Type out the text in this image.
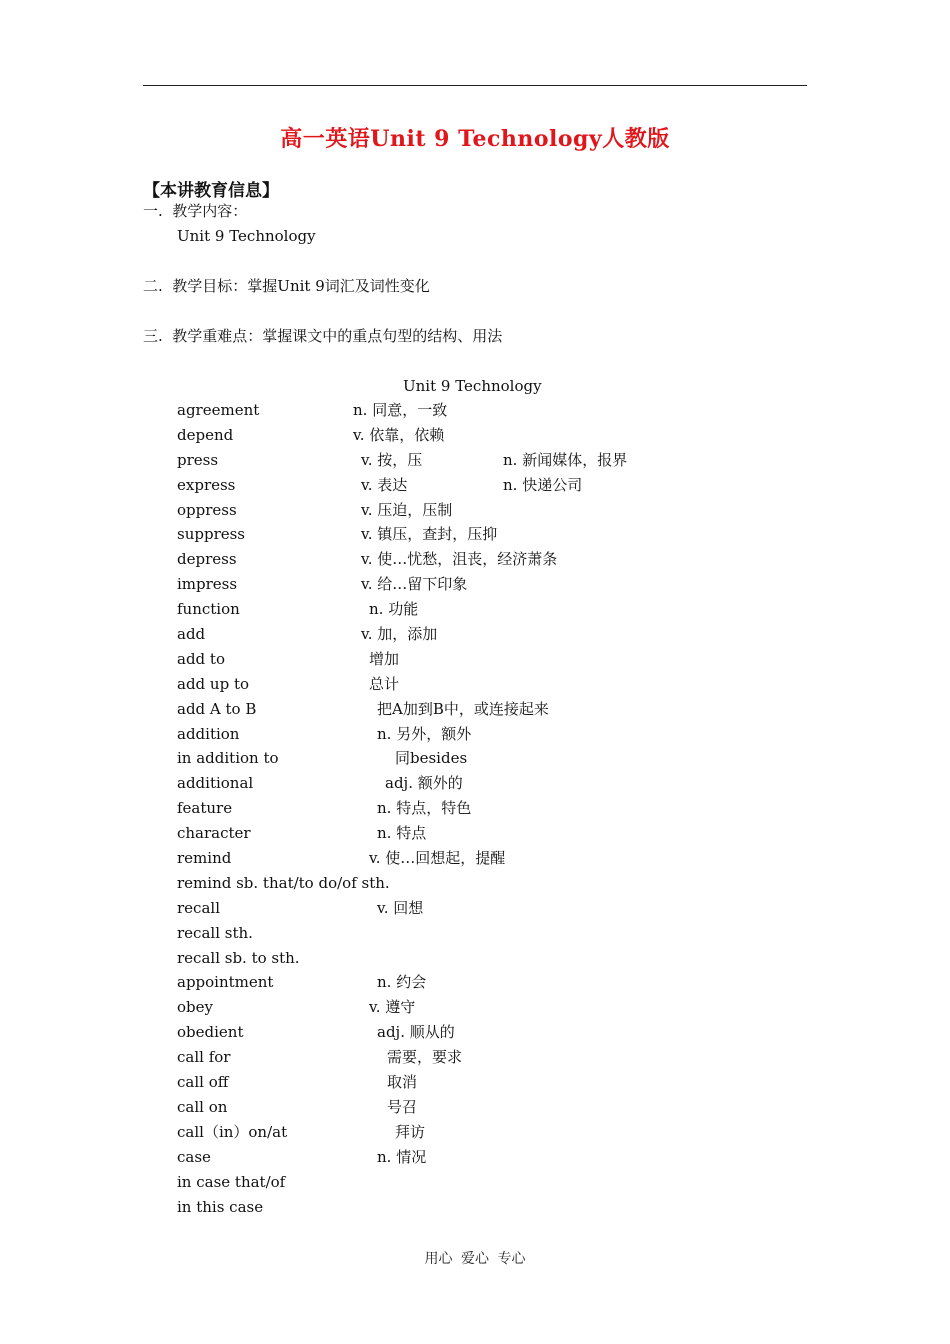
高一英语Unit 9 Technology人教版
【本讲教育信息】
一.  教学内容：
Unit 9 Technology
二.  教学目标：掌握Unit 9词汇及词性变化
三.  教学重难点：掌握课文中的重点句型的结构、用法
Unit 9 Technology
agreement	n. 同意，一致
depend	v. 依靠，依赖
press	v. 按，压	n. 新闻媒体，报界
express	v. 表达	n. 快递公司
oppress	v. 压迫，压制
suppress	v. 镇压，查封，压抑
depress	v. 使…忧愁，沮丧，经济萧条
impress	v. 给…留下印象
function	n. 功能
add	v. 加，添加
add to	增加
add up to	总计
add A to B	把A加到B中，或连接起来
addition	n. 另外，额外
in addition to	同besides
additional	adj. 额外的
feature	n. 特点，特色
character	n. 特点
remind	v. 使…回想起，提醒
remind sb. that/to do/of sth.
recall	v. 回想
recall sth.
recall sb. to sth.
appointment	n. 约会
obey	v. 遵守
obedient	adj. 顺从的
call for	需要，要求
call off	取消
call on	号召
call（in）on/at	拜访
case	n. 情况
in case that/of
in this case
用心 爱心 专心
